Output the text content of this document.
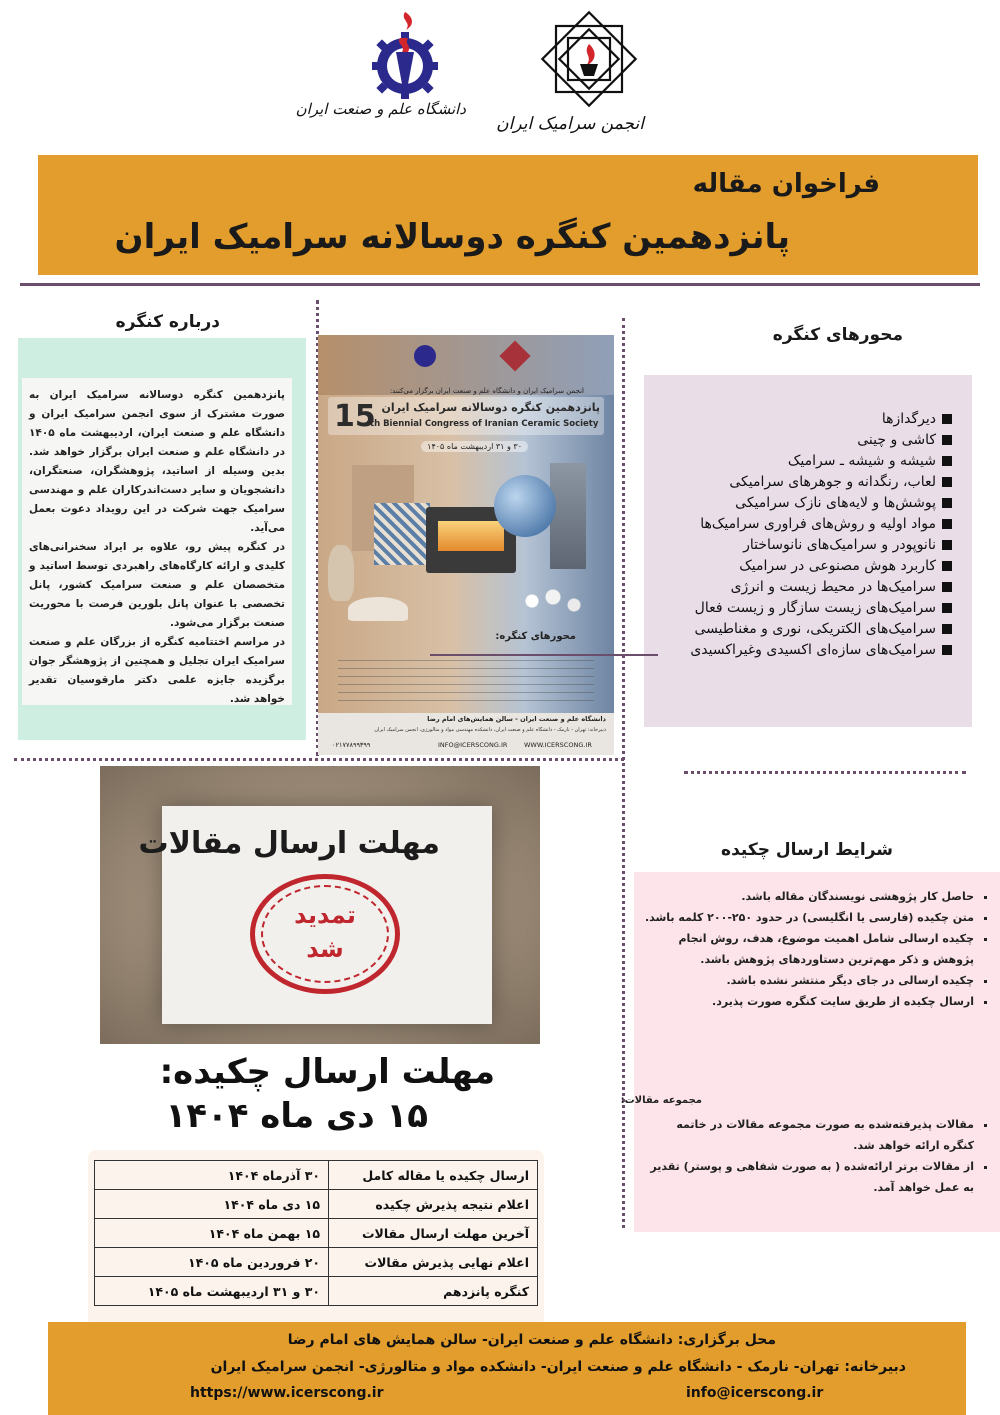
دانشگاه علم و صنعت ایران
انجمن سرامیک ایران
فراخوان مقاله
پانزدهمین کنگره دوسالانه سرامیک ایران
درباره کنگره

پانزدهمین کنگره دوسالانه سرامیک ایران به صورت مشترک از سوی انجمن سرامیک ایران و دانشگاه علم و صنعت ایران، اردیبهشت ماه ۱۴۰۵ در دانشگاه علم و صنعت ایران برگزار خواهد شد. بدین وسیله از اساتید، پژوهشگران، صنعتگران، دانشجویان و سایر دست‌اندرکاران علم و مهندسی سرامیک جهت شرکت در این رویداد دعوت بعمل می‌آید.

در کنگره پیش رو، علاوه بر ایراد سخنرانی‌های کلیدی و ارائه کارگاه‌های راهبردی توسط اساتید و متخصصان علم و صنعت سرامیک کشور، پانل تخصصی با عنوان پانل بلورین فرصت با محوریت صنعت برگزار می‌شود.

در مراسم اختتامیه کنگره از بزرگان علم و صنعت سرامیک ایران تجلیل و همچنین از پژوهشگر جوان برگزیده جایزه علمی دکتر مارقوسیان تقدیر خواهد شد.

انجمن سرامیک ایران و دانشگاه علم و صنعت ایران برگزار می‌کنند:
15 پانزدهمین کنگره دوسالانه سرامیک ایران
th Biennial Congress of Iranian Ceramic Society
۳۰ و ۳۱ اردیبهشت ماه ۱۴۰۵
محورهای کنگره:
دانشگاه علم و صنعت ایران - سالن همایش‌های امام رضا
دبیرخانه: تهران - نارمک - دانشگاه علم و صنعت ایران، دانشکده مهندسی مواد و متالورژی، انجمن سرامیک ایران
۰۲۱۷۷۸۹۹۳۹۹	INFO@ICERSCONG.IR	WWW.ICERSCONG.IR
محورهای کنگره
دیرگدازها
کاشی و چینی
شیشه و شیشه ـ سرامیک
لعاب، رنگدانه و جوهرهای سرامیکی
پوشش‌ها و لایه‌های نازک سرامیکی
مواد اولیه و روش‌های فراوری سرامیک‌ها
نانوپودر و سرامیک‌های نانوساختار
کاربرد هوش مصنوعی در سرامیک
سرامیک‌ها در محیط زیست و انرژی
سرامیک‌های زیست سازگار و زیست فعال
سرامیک‌های الکتریکی، نوری و مغناطیسی
سرامیک‌های سازه‌ای اکسیدی وغیراکسیدی
مهلت ارسال مقالات
تمدید
شد
مهلت ارسال چکیده:
۱۵ دی ماه ۱۴۰۴
ارسال چکیده یا مقاله کامل	۳۰ آذرماه ۱۴۰۴
اعلام نتیجه پذیرش چکیده	۱۵ دی ماه ۱۴۰۴
آخرین مهلت ارسال مقالات	۱۵ بهمن ماه ۱۴۰۴
اعلام نهایی پذیرش مقالات	۲۰ فروردین ماه ۱۴۰۵
کنگره پانزدهم	۳۰ و ۳۱ اردیبهشت ماه ۱۴۰۵
شرایط ارسال چکیده
▪ حاصل کار پژوهشی نویسندگان مقاله باشد.
▪ متن چکیده (فارسی یا انگلیسی) در حدود ۲۵۰-۲۰۰ کلمه باشد.
▪ چکیده ارسالی شامل اهمیت موضوع، هدف، روش انجام پژوهش و ذکر مهم‌ترین دستاوردهای پژوهش باشد.
▪ چکیده ارسالی در جای دیگر منتشر نشده باشد.
▪ ارسال چکیده از طریق سایت کنگره صورت پذیرد.
مجموعه مقالات:
▪ مقالات پذیرفته‌شده به صورت مجموعه مقالات در خاتمه کنگره ارائه خواهد شد.
▪ از مقالات برتر ارائه‌شده ( به صورت شفاهی و پوستر) تقدیر به عمل خواهد آمد.
محل برگزاری: دانشگاه علم و صنعت ایران- سالن همایش های امام رضا
دبیرخانه: تهران- نارمک - دانشگاه علم و صنعت ایران- دانشکده مواد و متالورژی- انجمن سرامیک ایران
https://www.icerscong.ir	info@icerscong.ir
